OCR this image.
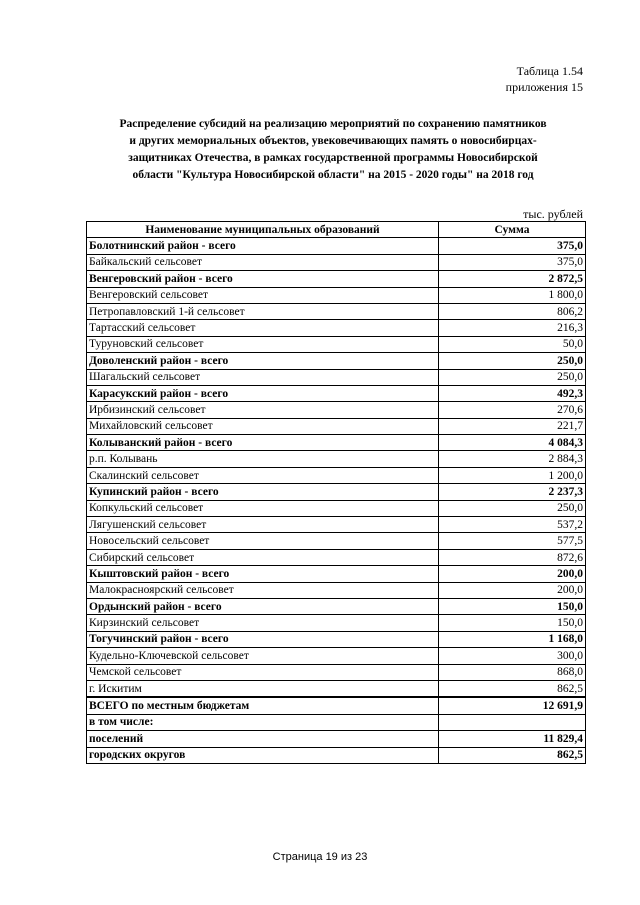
Таблица 1.54
приложения 15
Распределение субсидий на реализацию мероприятий по сохранению памятников
и других мемориальных объектов, увековечивающих память о новосибирцах-
защитниках Отечества, в рамках государственной программы Новосибирской
области "Культура Новосибирской области" на 2015 - 2020 годы" на 2018 год
тыс. рублей
Наименование муниципальных образований	Сумма
Болотнинский район - всего	375,0
Байкальский сельсовет	375,0
Венгеровский район - всего	2 872,5
Венгеровский сельсовет	1 800,0
Петропавловский 1-й сельсовет	806,2
Тартасский сельсовет	216,3
Туруновский сельсовет	50,0
Доволенский район - всего	250,0
Шагальский сельсовет	250,0
Карасукский район - всего	492,3
Ирбизинский сельсовет	270,6
Михайловский сельсовет	221,7
Колыванский район - всего	4 084,3
р.п. Колывань	2 884,3
Скалинский сельсовет	1 200,0
Купинский район - всего	2 237,3
Копкульский сельсовет	250,0
Лягушенский сельсовет	537,2
Новосельский сельсовет	577,5
Сибирский сельсовет	872,6
Кыштовский район - всего	200,0
Малокрасноярский сельсовет	200,0
Ордынский район - всего	150,0
Кирзинский сельсовет	150,0
Тогучинский район - всего	1 168,0
Кудельно-Ключевской сельсовет	300,0
Чемской сельсовет	868,0
г. Искитим	862,5
ВСЕГО по местным бюджетам	12 691,9
в том числе:	
поселений	11 829,4
городских округов	862,5
Страница 19 из 23
